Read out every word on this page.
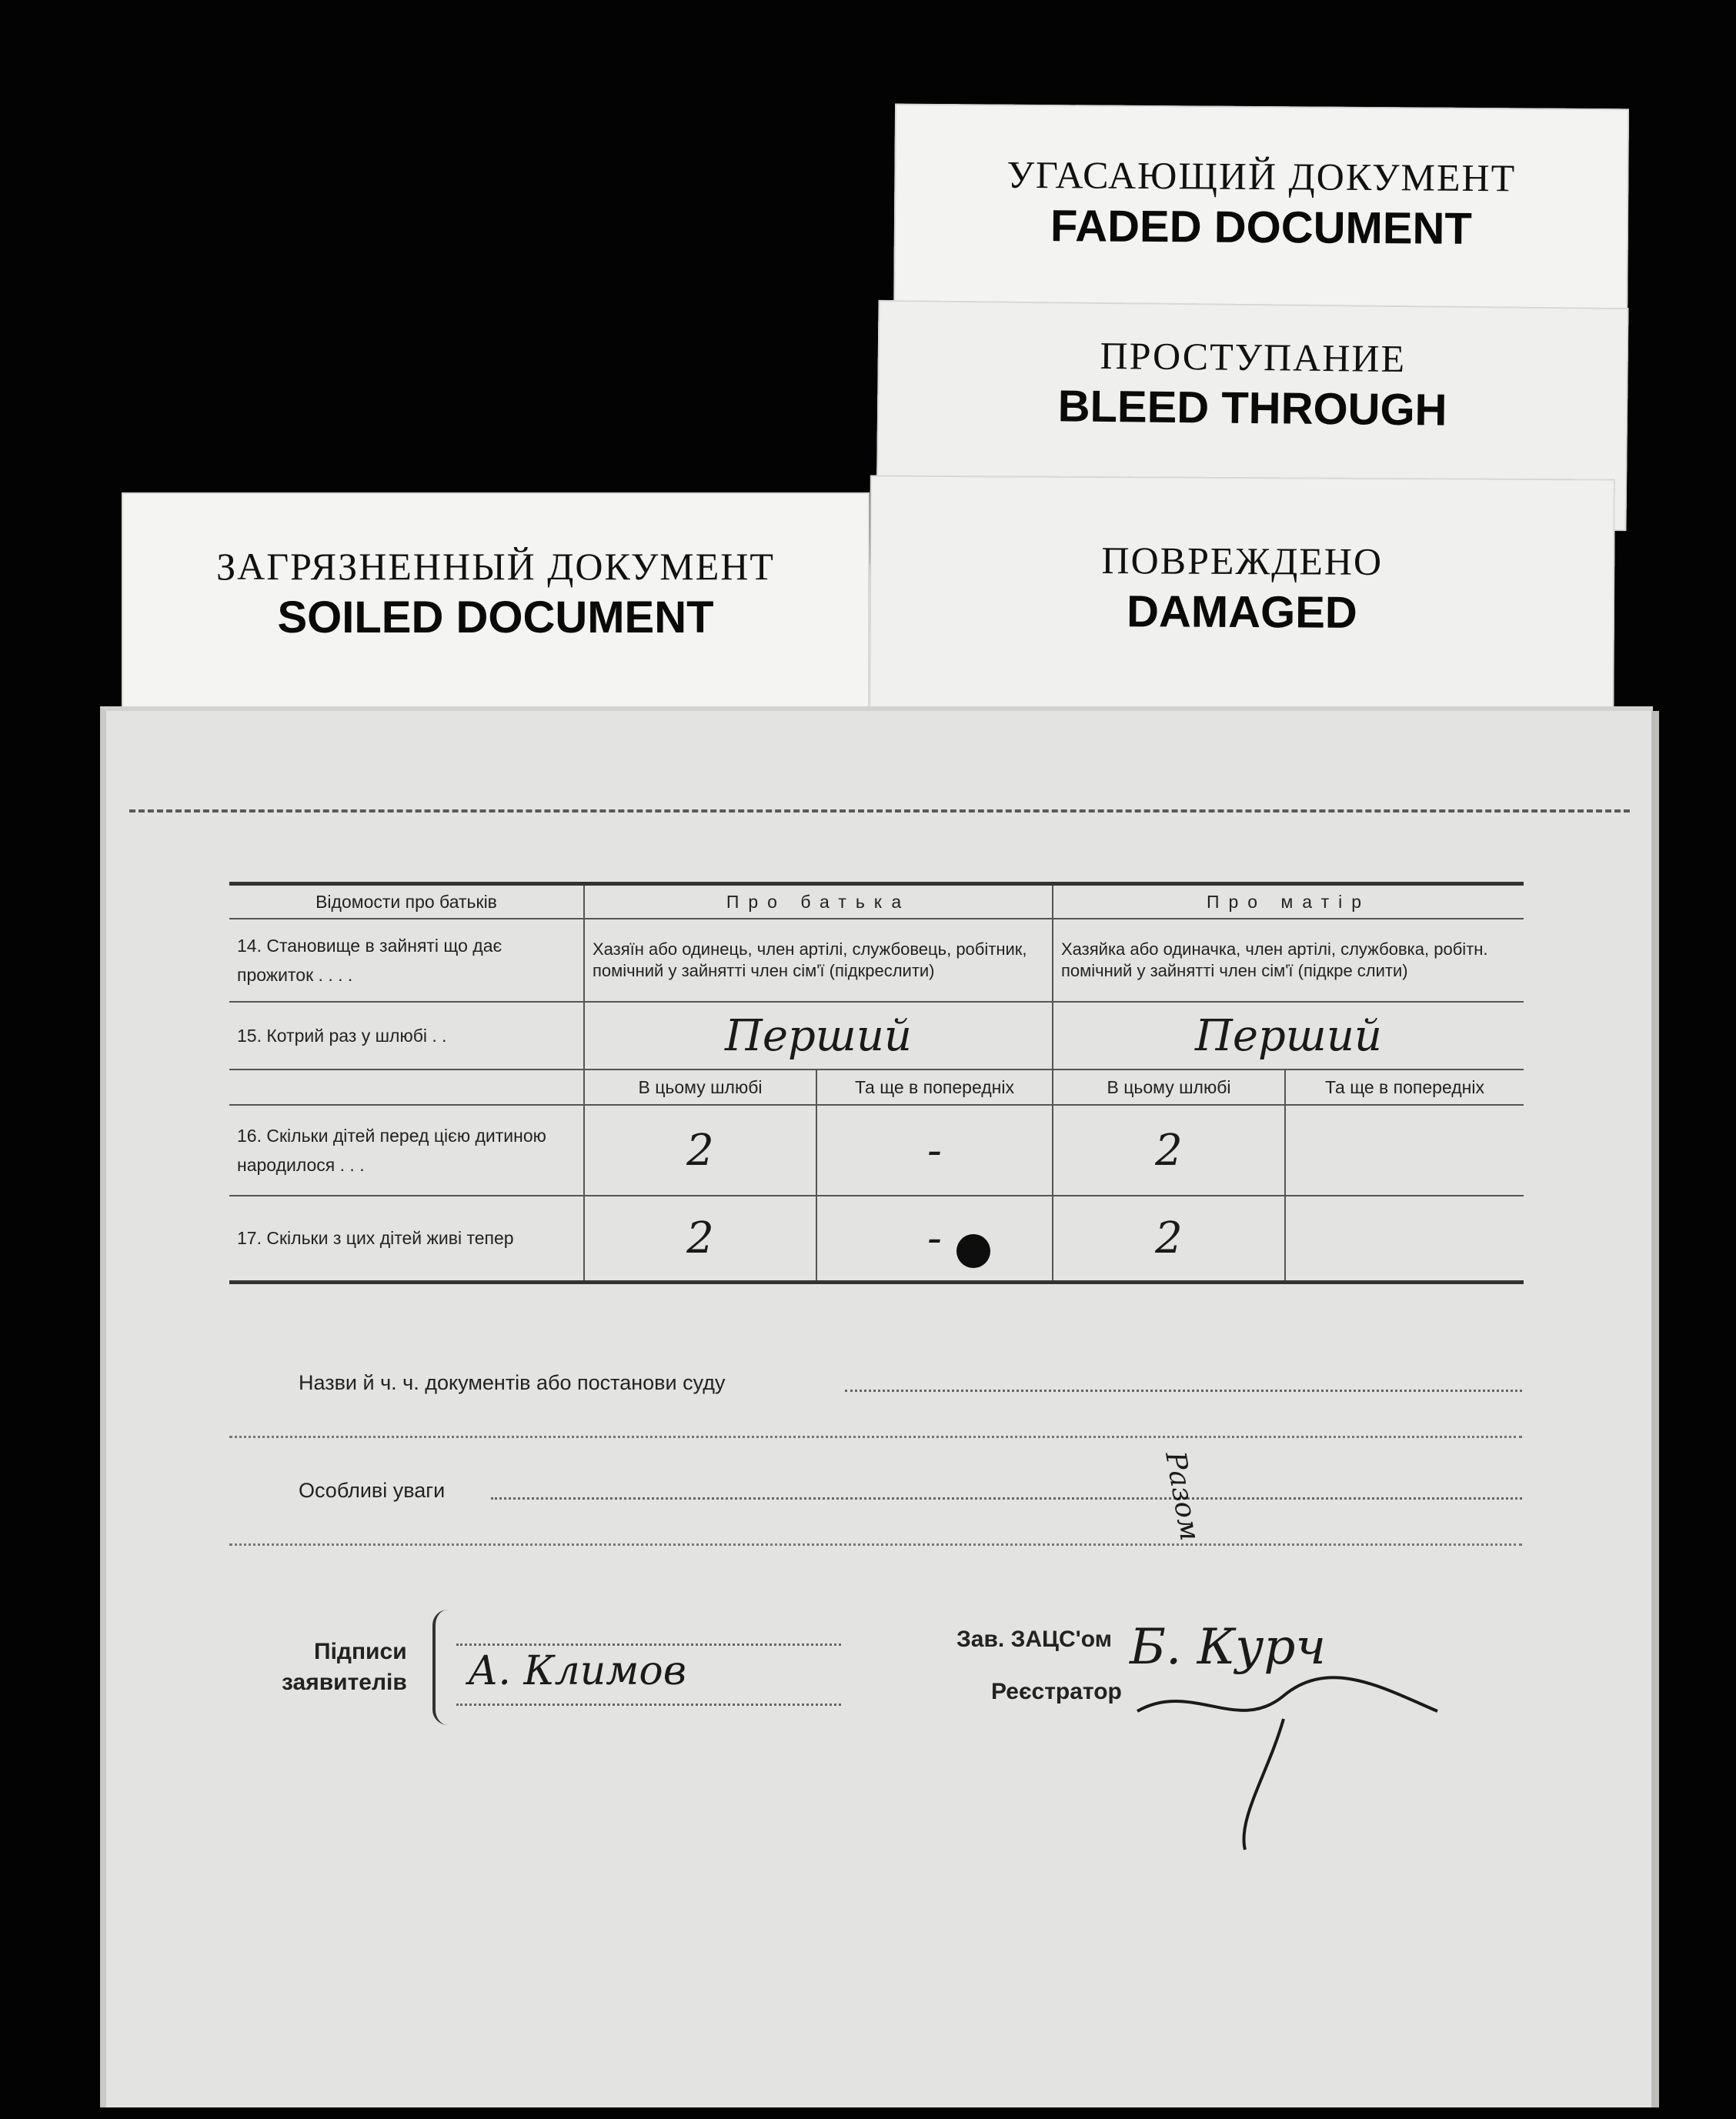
УГАСАЮЩИЙ ДОКУМЕНТ
FADED DOCUMENT
ПРОСТУПАНИЕ
BLEED THROUGH
ПОВРЕЖДЕНО
DAMAGED
ЗАГРЯЗНЕННЫЙ ДОКУМЕНТ
SOILED DOCUMENT
Відомости про батьків	Про батька		Про матір	
14. Становище в зайняті що дає прожиток . . . .	Хазяїн або одинець, член артілі, службовець, робітник, помічний у зайнятті член сім'ї (підкреслити)		Хазяйка або одиначка, член артілі, службовка, робітн. помічний у зайнятті член сім'ї (підкре слити)	
15. Котрий раз у шлюбі . .	Перший		Перший	
	В цьому шлюбі	Та ще в попередніх	В цьому шлюбі	Та ще в попередніх
16. Скільки дітей перед цією дитиною народилося . . .	2	-	2	
17. Скільки з цих дітей живі тепер	2	-	2	
Назви й ч. ч. документів або постанови суду
Особливі уваги
Підписи
заявителів А. Климов
Зав. ЗАЦС'ом
Реєстратор
Б. Курч
Разом
